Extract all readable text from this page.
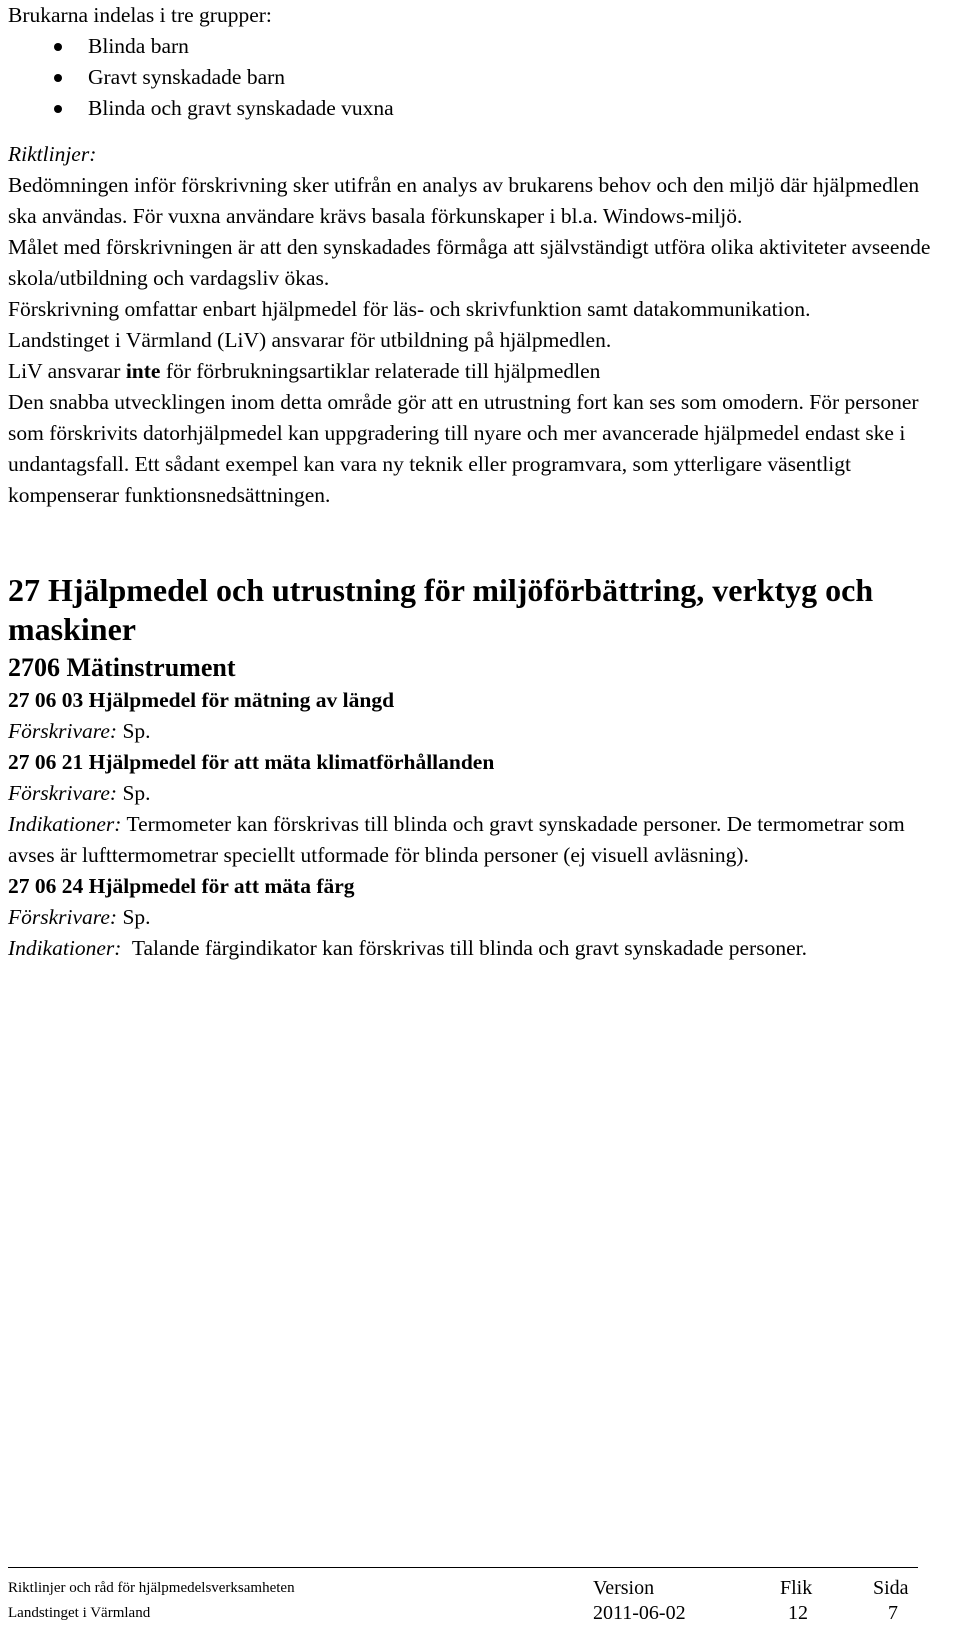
Brukarna indelas i tre grupper:

Blinda barn
Gravt synskadade barn
Blinda och gravt synskadade vuxna

Riktlinjer:

Bedömningen inför förskrivning sker utifrån en analys av brukarens behov och den miljö där hjälpmedlen ska användas. För vuxna användare krävs basala förkunskaper i bl.a. Windows-miljö.

Målet med förskrivningen är att den synskadades förmåga att självständigt utföra olika aktiviteter avseende skola/utbildning och vardagsliv ökas.

Förskrivning omfattar enbart hjälpmedel för läs- och skrivfunktion samt datakommunikation.

Landstinget i Värmland (LiV) ansvarar för utbildning på hjälpmedlen.

LiV ansvarar inte för förbrukningsartiklar relaterade till hjälpmedlen

Den snabba utvecklingen inom detta område gör att en utrustning fort kan ses som omodern. För personer som förskrivits datorhjälpmedel kan uppgradering till nyare och mer avancerade hjälpmedel endast ske i undantagsfall. Ett sådant exempel kan vara ny teknik eller programvara, som ytterligare väsentligt kompenserar funktionsnedsättningen.

27 Hjälpmedel och utrustning för miljöförbättring, verktyg och maskiner

2706 Mätinstrument

27 06 03 Hjälpmedel för mätning av längd

Förskrivare: Sp.

27 06 21 Hjälpmedel för att mäta klimatförhållanden

Förskrivare: Sp.

Indikationer: Termometer kan förskrivas till blinda och gravt synskadade personer. De termometrar som avses är lufttermometrar speciellt utformade för blinda personer (ej visuell avläsning).

27 06 24 Hjälpmedel för att mäta färg

Förskrivare: Sp.

Indikationer:  Talande färgindikator kan förskrivas till blinda och gravt synskadade personer.

Riktlinjer och råd för hjälpmedelsverksamheten	Version	Flik	Sida
Landstinget i Värmland	2011-06-02	12	7
